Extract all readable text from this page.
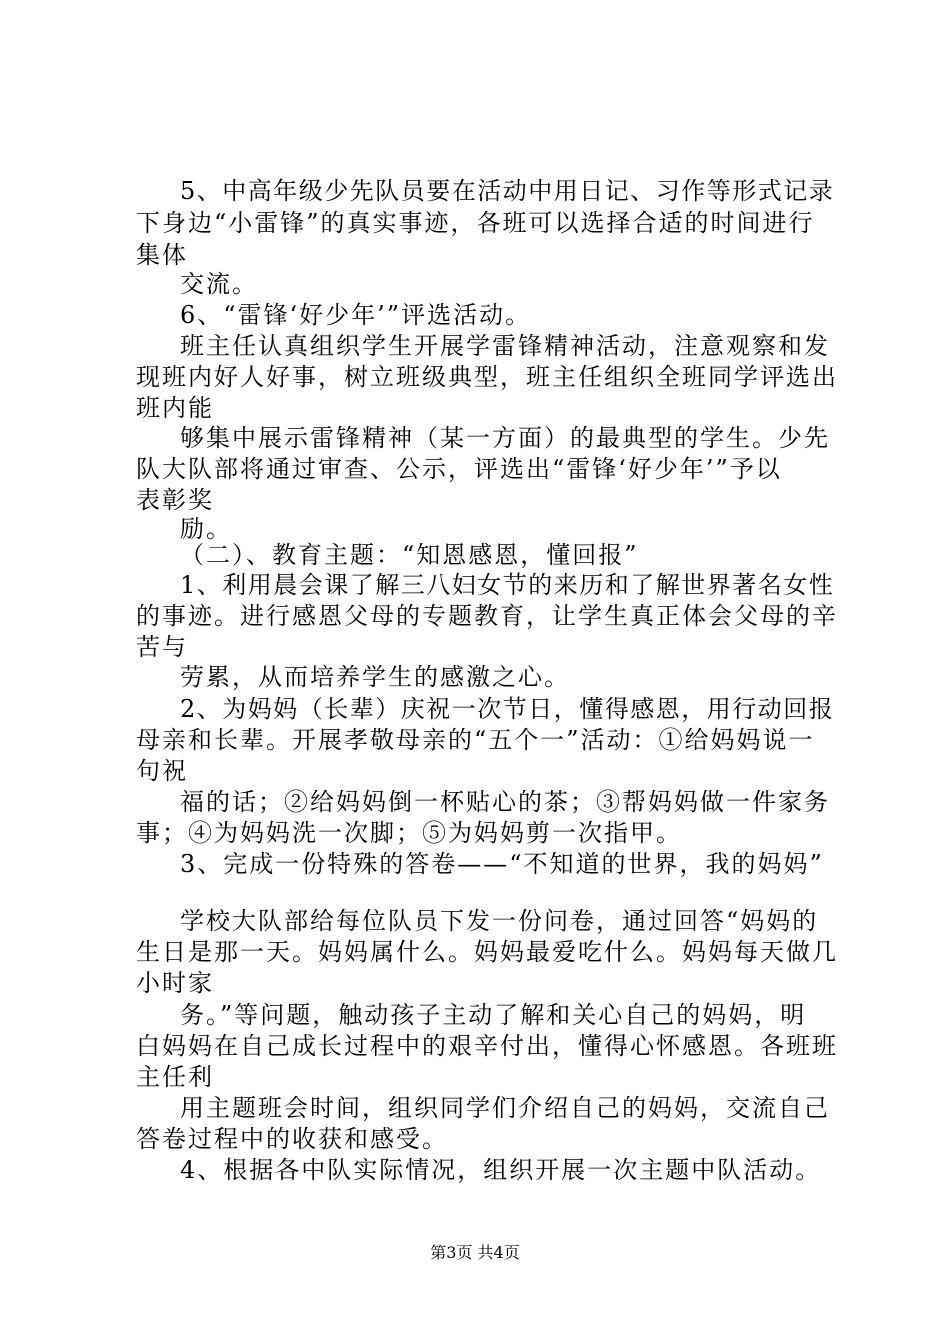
5、中高年级少先队员要在活动中用日记、习作等形式记录
下身边“小雷锋”的真实事迹，各班可以选择合适的时间进行
集体
交流。
6、“雷锋‘好少年’”评选活动。
班主任认真组织学生开展学雷锋精神活动，注意观察和发
现班内好人好事，树立班级典型，班主任组织全班同学评选出
班内能
够集中展示雷锋精神（某一方面）的最典型的学生。少先
队大队部将通过审查、公示，评选出“雷锋‘好少年’”予以
表彰奖
励。
（二）、教育主题：“知恩感恩，懂回报”
1、利用晨会课了解三八妇女节的来历和了解世界著名女性
的事迹。进行感恩父母的专题教育，让学生真正体会父母的辛
苦与
劳累，从而培养学生的感激之心。
2、为妈妈（长辈）庆祝一次节日，懂得感恩，用行动回报
母亲和长辈。开展孝敬母亲的“五个一”活动：①给妈妈说一
句祝
福的话；②给妈妈倒一杯贴心的茶；③帮妈妈做一件家务
事；④为妈妈洗一次脚；⑤为妈妈剪一次指甲。
3、完成一份特殊的答卷——“不知道的世界，我的妈妈”
学校大队部给每位队员下发一份问卷，通过回答“妈妈的
生日是那一天。妈妈属什么。妈妈最爱吃什么。妈妈每天做几
小时家
务。”等问题，触动孩子主动了解和关心自己的妈妈，明
白妈妈在自己成长过程中的艰辛付出，懂得心怀感恩。各班班
主任利
用主题班会时间，组织同学们介绍自己的妈妈，交流自己
答卷过程中的收获和感受。
4、根据各中队实际情况，组织开展一次主题中队活动。
第3页 共4页
